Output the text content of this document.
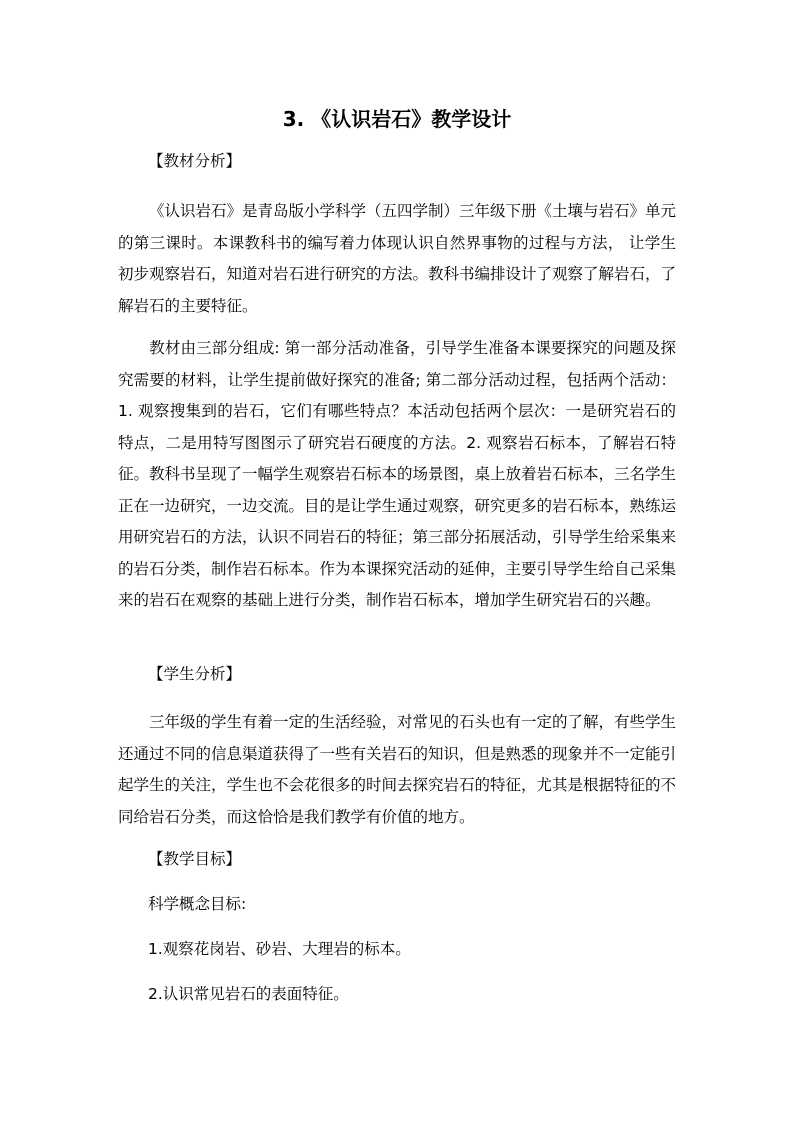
3. 《认识岩石》教学设计

【教材分析】

《认识岩石》是青岛版小学科学（五四学制）三年级下册《土壤与岩石》单元的第三课时。本课教科书的编写着力体现认识自然界事物的过程与方法， 让学生初步观察岩石，知道对岩石进行研究的方法。教科书编排设计了观察了解岩石，了解岩石的主要特征。

教材由三部分组成: 第一部分活动准备，引导学生准备本课要探究的问题及探究需要的材料，让学生提前做好探究的准备; 第二部分活动过程，包括两个活动：1. 观察搜集到的岩石，它们有哪些特点？本活动包括两个层次：一是研究岩石的特点，二是用特写图图示了研究岩石硬度的方法。2. 观察岩石标本，了解岩石特征。教科书呈现了一幅学生观察岩石标本的场景图，桌上放着岩石标本，三名学生正在一边研究，一边交流。目的是让学生通过观察，研究更多的岩石标本，熟练运用研究岩石的方法，认识不同岩石的特征；第三部分拓展活动，引导学生给采集来的岩石分类，制作岩石标本。作为本课探究活动的延伸，主要引导学生给自己采集来的岩石在观察的基础上进行分类，制作岩石标本，增加学生研究岩石的兴趣。

【学生分析】

三年级的学生有着一定的生活经验，对常见的石头也有一定的了解，有些学生还通过不同的信息渠道获得了一些有关岩石的知识，但是熟悉的现象并不一定能引起学生的关注，学生也不会花很多的时间去探究岩石的特征，尤其是根据特征的不同给岩石分类，而这恰恰是我们教学有价值的地方。

【教学目标】

科学概念目标:

1.观察花岗岩、砂岩、大理岩的标本。

2.认识常见岩石的表面特征。
